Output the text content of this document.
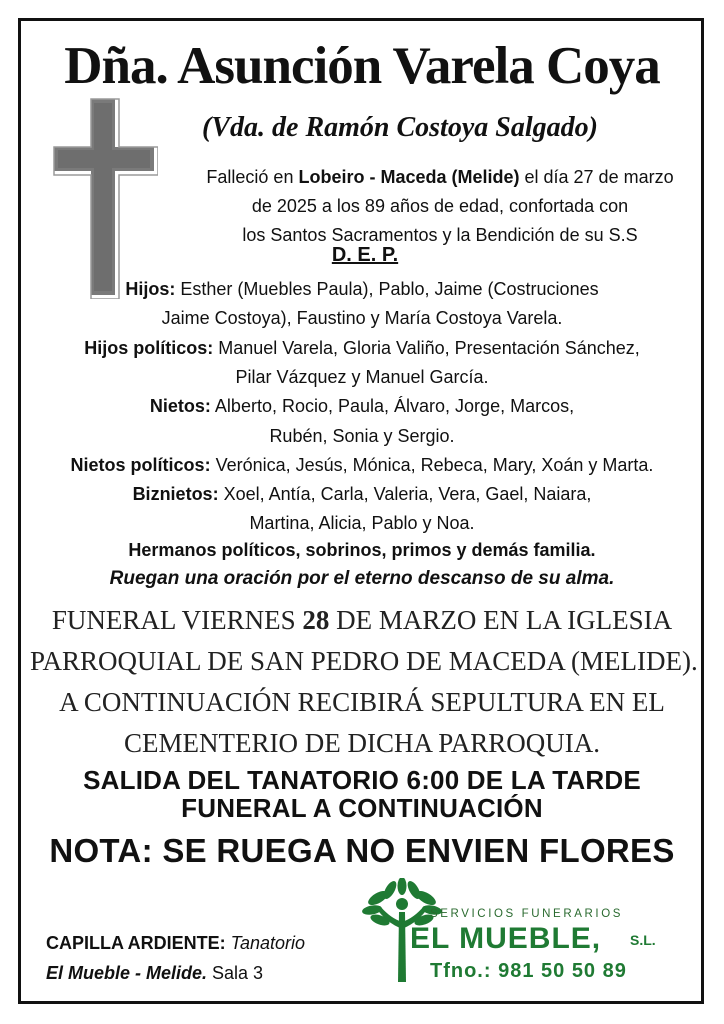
Dña. Asunción Varela Coya
(Vda. de Ramón Costoya Salgado)
Falleció en Lobeiro - Maceda (Melide) el día 27 de marzo
de 2025 a los 89 años de edad, confortada con
los Santos Sacramentos y la Bendición de su S.S
D. E. P.
Hijos: Esther (Muebles Paula), Pablo, Jaime (Costruciones
Jaime Costoya), Faustino y María Costoya Varela.
Hijos políticos: Manuel Varela, Gloria Valiño, Presentación Sánchez,
Pilar Vázquez y Manuel García.
Nietos: Alberto, Rocio, Paula, Álvaro, Jorge, Marcos,
Rubén, Sonia y Sergio.
Nietos políticos: Verónica, Jesús, Mónica, Rebeca, Mary, Xoán y Marta.
Biznietos: Xoel, Antía, Carla, Valeria, Vera, Gael, Naiara,
Martina, Alicia, Pablo y Noa.
Hermanos políticos, sobrinos, primos y demás familia.
Ruegan una oración por el eterno descanso de su alma.
FUNERAL VIERNES 28 DE MARZO EN LA IGLESIA
PARROQUIAL DE SAN PEDRO DE MACEDA (MELIDE).
A CONTINUACIÓN RECIBIRÁ SEPULTURA EN EL
CEMENTERIO DE DICHA PARROQUIA.
SALIDA DEL TANATORIO 6:00 DE LA TARDE
FUNERAL A CONTINUACIÓN
NOTA: SE RUEGA NO ENVIEN FLORES
CAPILLA ARDIENTE: Tanatorio
El Mueble - Melide. Sala 3
SERVICIOS FUNERARIOS
EL MUEBLE, S.L.
Tfno.: 981 50 50 89
